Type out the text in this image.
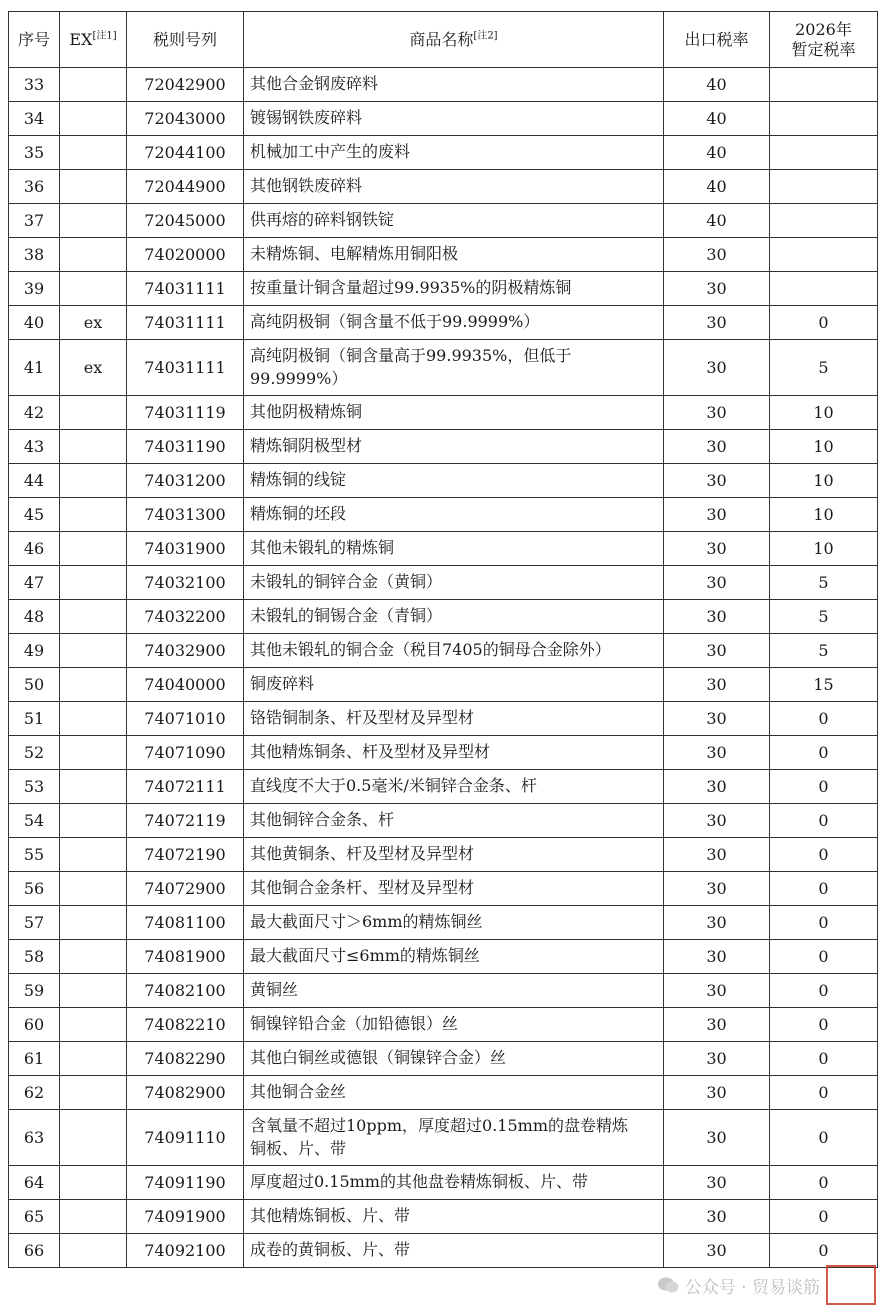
序号	EX[注1]	税则号列	商品名称[注2]	出口税率	2026年
暂定税率

33		72042900	其他合金钢废碎料	40	
34		72043000	镀锡钢铁废碎料	40	
35		72044100	机械加工中产生的废料	40	
36		72044900	其他钢铁废碎料	40	
37		72045000	供再熔的碎料钢铁锭	40	
38		74020000	未精炼铜、电解精炼用铜阳极	30	
39		74031111	按重量计铜含量超过99.9935%的阴极精炼铜	30	
40	ex	74031111	高纯阴极铜（铜含量不低于99.9999%）	30	0
41	ex	74031111	高纯阴极铜（铜含量高于99.9935%，但低于
99.9999%）	30	5
42		74031119	其他阴极精炼铜	30	10
43		74031190	精炼铜阴极型材	30	10
44		74031200	精炼铜的线锭	30	10
45		74031300	精炼铜的坯段	30	10
46		74031900	其他未锻轧的精炼铜	30	10
47		74032100	未锻轧的铜锌合金（黄铜）	30	5
48		74032200	未锻轧的铜锡合金（青铜）	30	5
49		74032900	其他未锻轧的铜合金（税目7405的铜母合金除外）	30	5
50		74040000	铜废碎料	30	15
51		74071010	铬锆铜制条、杆及型材及异型材	30	0
52		74071090	其他精炼铜条、杆及型材及异型材	30	0
53		74072111	直线度不大于0.5毫米/米铜锌合金条、杆	30	0
54		74072119	其他铜锌合金条、杆	30	0
55		74072190	其他黄铜条、杆及型材及异型材	30	0
56		74072900	其他铜合金条杆、型材及异型材	30	0
57		74081100	最大截面尺寸＞6mm的精炼铜丝	30	0
58		74081900	最大截面尺寸≤6mm的精炼铜丝	30	0
59		74082100	黄铜丝	30	0
60		74082210	铜镍锌铅合金（加铅德银）丝	30	0
61		74082290	其他白铜丝或德银（铜镍锌合金）丝	30	0
62		74082900	其他铜合金丝	30	0
63		74091110	含氧量不超过10ppm，厚度超过0.15mm的盘卷精炼
铜板、片、带	30	0
64		74091190	厚度超过0.15mm的其他盘卷精炼铜板、片、带	30	0
65		74091900	其他精炼铜板、片、带	30	0
66		74092100	成卷的黄铜板、片、带	30	0
公众号 · 贸易谈筋
